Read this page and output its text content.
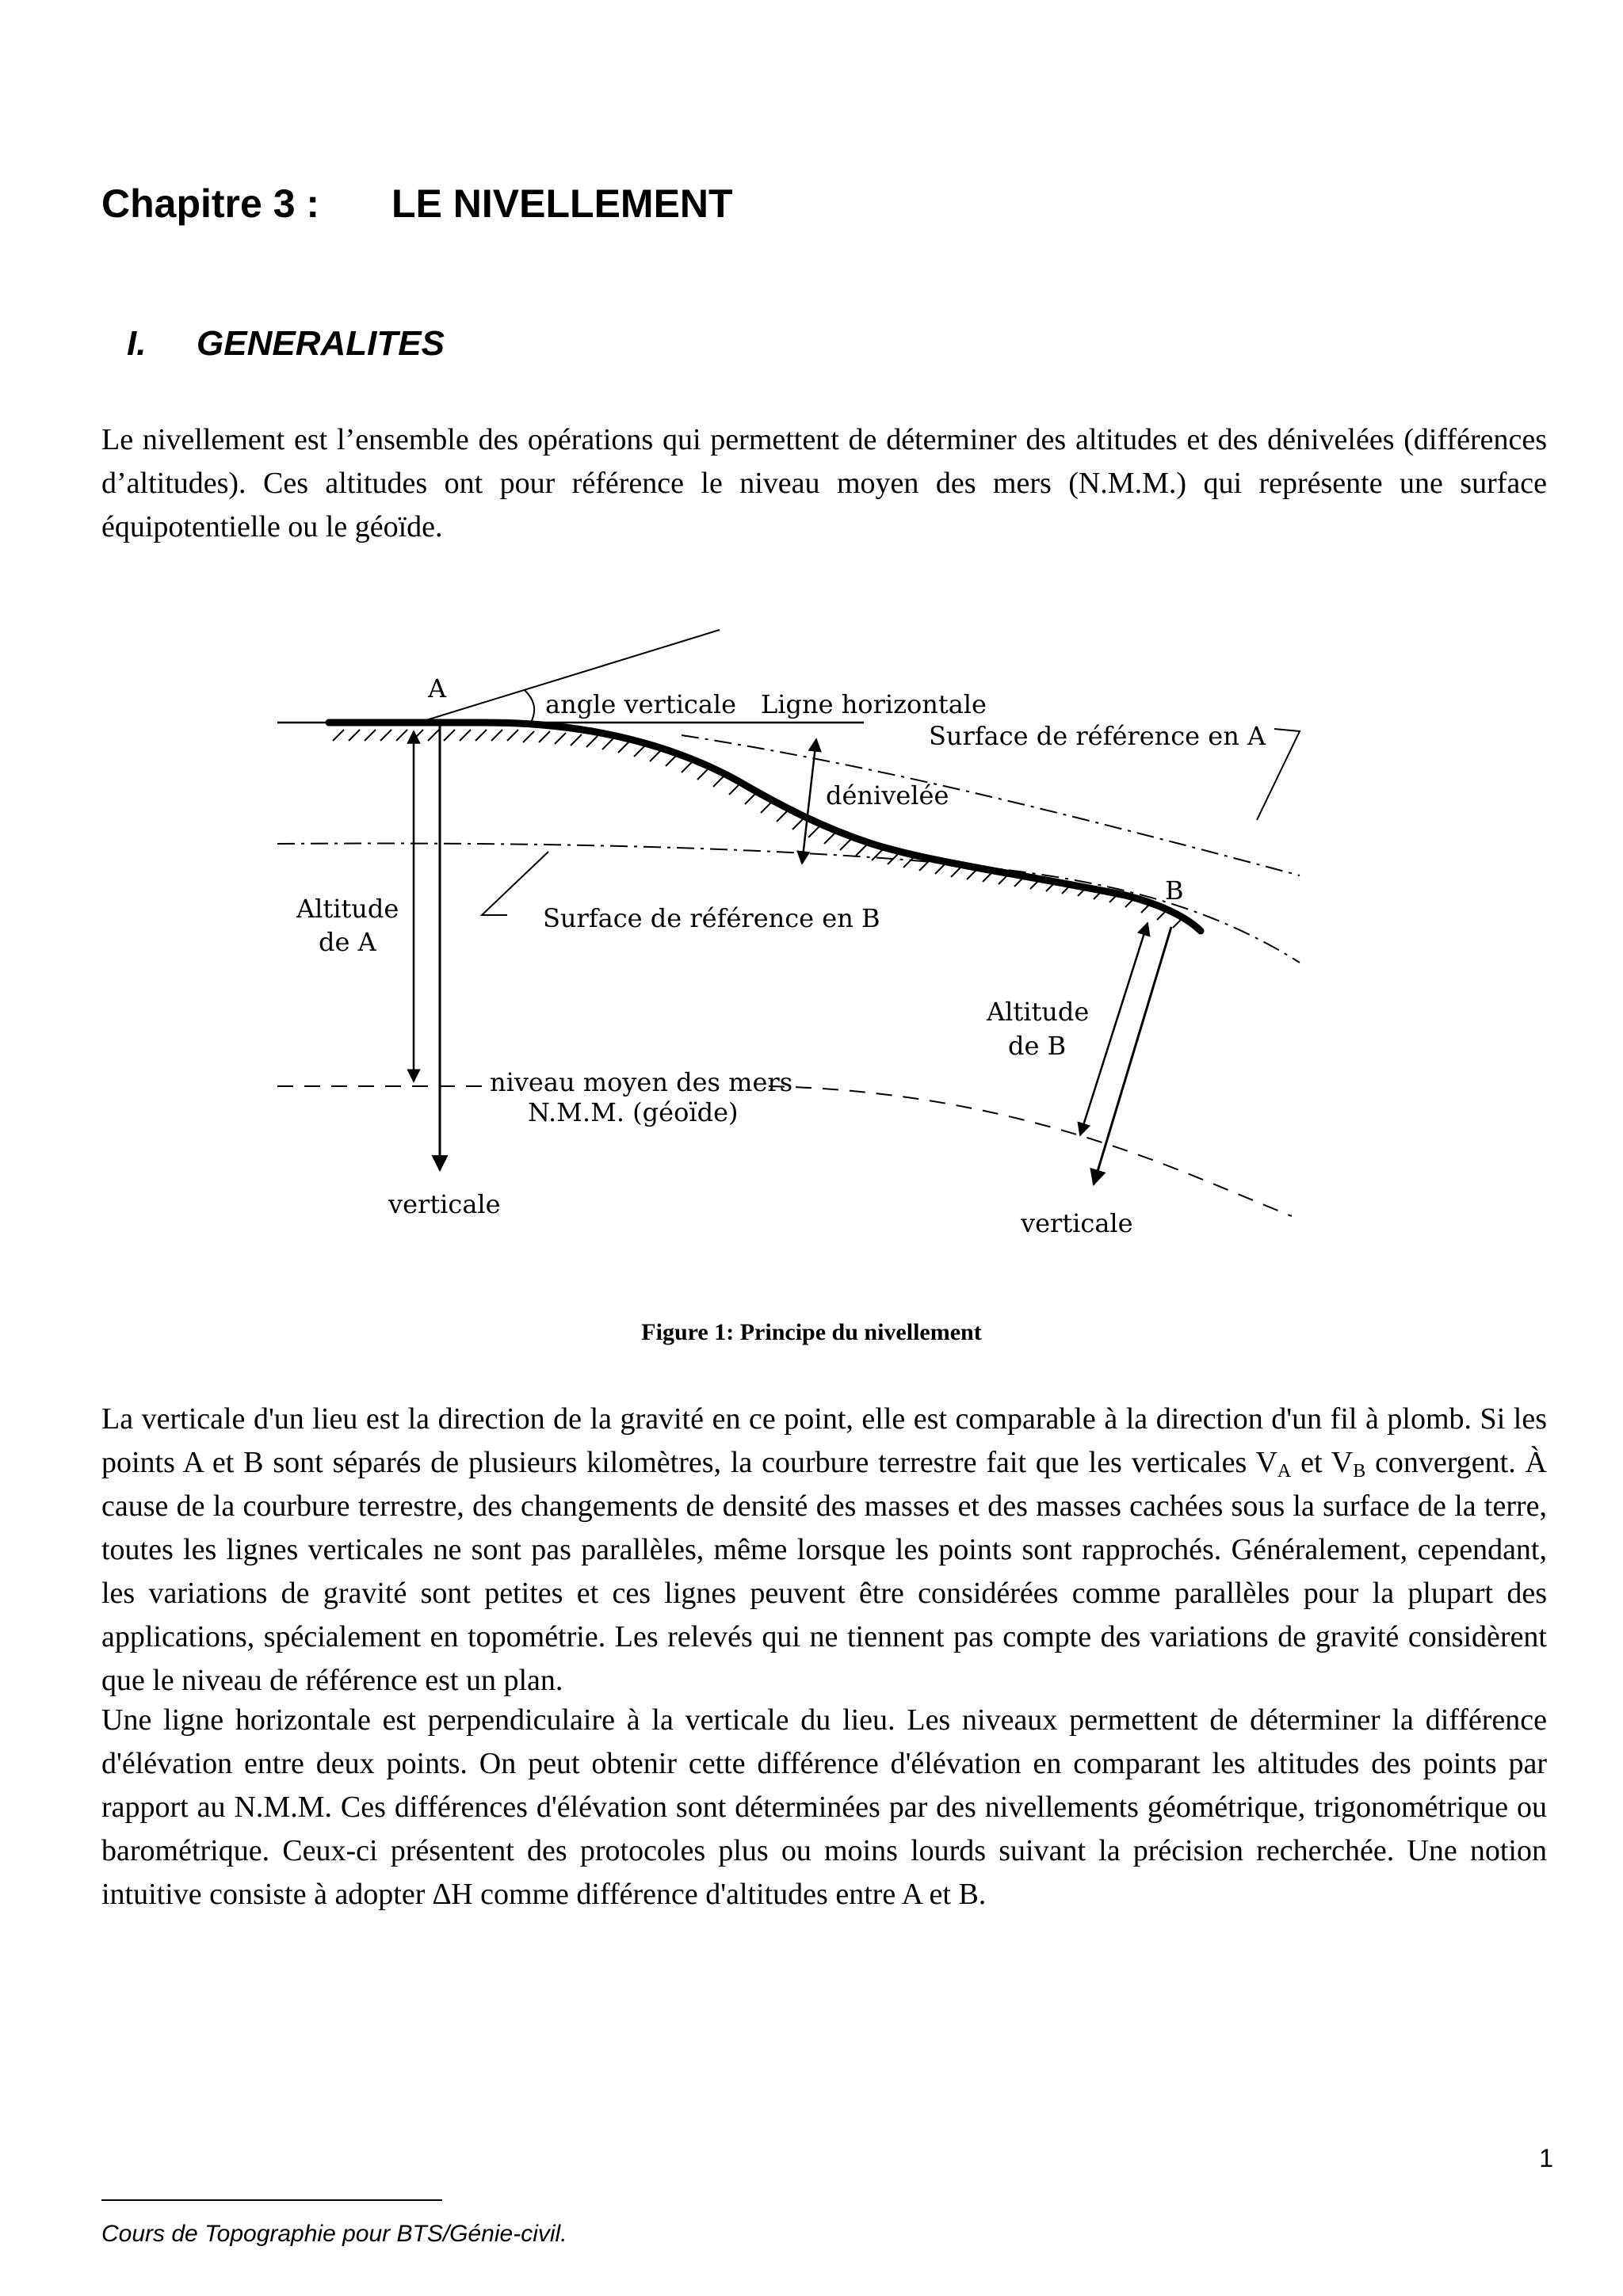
Chapitre 3 : LE NIVELLEMENT
I. GENERALITES

Le nivellement est l’ensemble des opérations qui permettent de déterminer des altitudes et des dénivelées (différences d’altitudes). Ces altitudes ont pour référence le niveau moyen des mers (N.M.M.) qui représente une surface équipotentielle ou le géoïde.

A
angle verticale Ligne horizontale
Surface de référence en A
dénivelée
B
Surface de référence en B
Altitude
de A
Altitude
de B
niveau moyen des mers
N.M.M. (géoïde)
verticale
verticale
Figure 1: Principe du nivellement

La verticale d'un lieu est la direction de la gravité en ce point, elle est comparable à la direction d'un fil à plomb. Si les points A et B sont séparés de plusieurs kilomètres, la courbure terrestre fait que les verticales $V_A$ et $V_B$ convergent. À cause de la courbure terrestre, des changements de densité des masses et des masses cachées sous la surface de la terre, toutes les lignes verticales ne sont pas parallèles, même lorsque les points sont rapprochés. Généralement, cependant, les variations de gravité sont petites et ces lignes peuvent être considérées comme parallèles pour la plupart des applications, spécialement en topométrie. Les relevés qui ne tiennent pas compte des variations de gravité considèrent que le niveau de référence est un plan.

Une ligne horizontale est perpendiculaire à la verticale du lieu. Les niveaux permettent de déterminer la différence d'élévation entre deux points. On peut obtenir cette différence d'élévation en comparant les altitudes des points par rapport au N.M.M. Ces différences d'élévation sont déterminées par des nivellements géométrique, trigonométrique ou barométrique. Ceux-ci présentent des protocoles plus ou moins lourds suivant la précision recherchée. Une notion intuitive consiste à adopter ∆H comme différence d'altitudes entre A et B.

1
Cours de Topographie pour BTS/Génie-civil.
